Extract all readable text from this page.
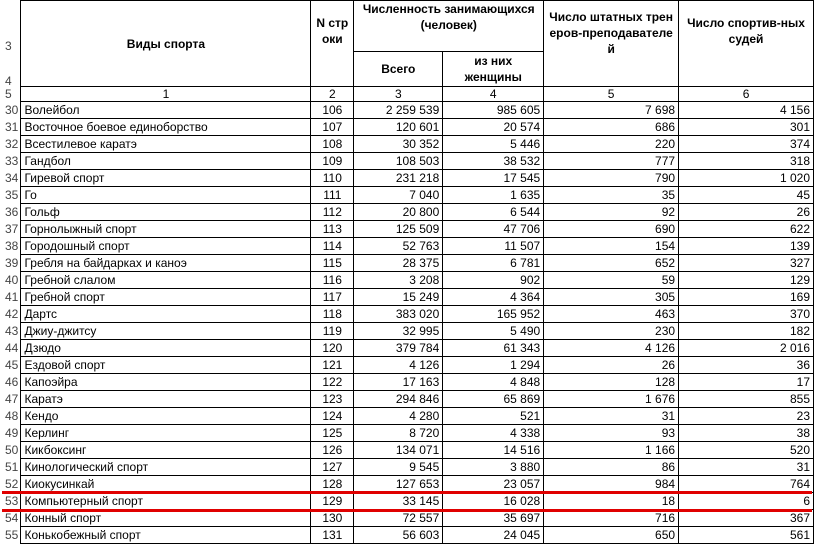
3	Виды спорта	N строки	Численность занимающихся (человек)		Число штатных тренеров-преподавателей	Число спортив-ных судей
4			Всего	из них женщины		
5	1	2	3	4	5	6
30	Волейбол	106	2 259 539	985 605	7 698	4 156
31	Восточное боевое единоборство	107	120 601	20 574	686	301
32	Всестилевое каратэ	108	30 352	5 446	220	374
33	Гандбол	109	108 503	38 532	777	318
34	Гиревой спорт	110	231 218	17 545	790	1 020
35	Го	111	7 040	1 635	35	45
36	Гольф	112	20 800	6 544	92	26
37	Горнолыжный спорт	113	125 509	47 706	690	622
38	Городошный спорт	114	52 763	11 507	154	139
39	Гребля на байдарках и каноэ	115	28 375	6 781	652	327
40	Гребной слалом	116	3 208	902	59	129
41	Гребной спорт	117	15 249	4 364	305	169
42	Дартс	118	383 020	165 952	463	370
43	Джиу-джитсу	119	32 995	5 490	230	182
44	Дзюдо	120	379 784	61 343	4 126	2 016
45	Ездовой спорт	121	4 126	1 294	26	36
46	Капоэйра	122	17 163	4 848	128	17
47	Каратэ	123	294 846	65 869	1 676	855
48	Кендо	124	4 280	521	31	23
49	Керлинг	125	8 720	4 338	93	38
50	Кикбоксинг	126	134 071	14 516	1 166	520
51	Кинологический спорт	127	9 545	3 880	86	31
52	Киокусинкай	128	127 653	23 057	984	764
53	Компьютерный спорт	129	33 145	16 028	18	6
54	Конный спорт	130	72 557	35 697	716	367
55	Конькобежный спорт	131	56 603	24 045	650	561
